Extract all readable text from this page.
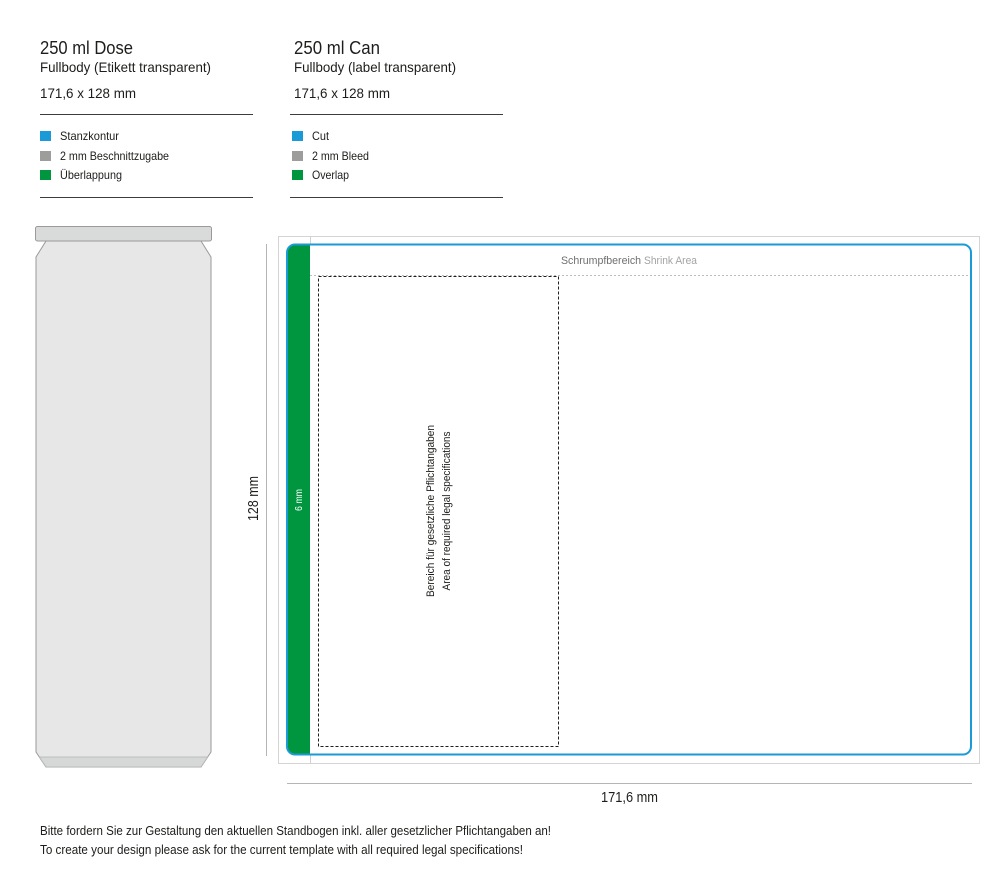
250 ml Dose
Fullbody (Etikett transparent)
171,6 x 128 mm
Stanzkontur
2 mm Beschnittzugabe
Überlappung
250 ml Can
Fullbody (label transparent)
171,6 x 128 mm
Cut
2 mm Bleed
Overlap
6 mm
Schrumpfbereich Shrink Area
Bereich für gesetzliche Pflichtangaben Area of required legal specifications
128 mm
171,6 mm
Bitte fordern Sie zur Gestaltung den aktuellen Standbogen inkl. aller gesetzlicher Pflichtangaben an!
To create your design please ask for the current template with all required legal specifications!
